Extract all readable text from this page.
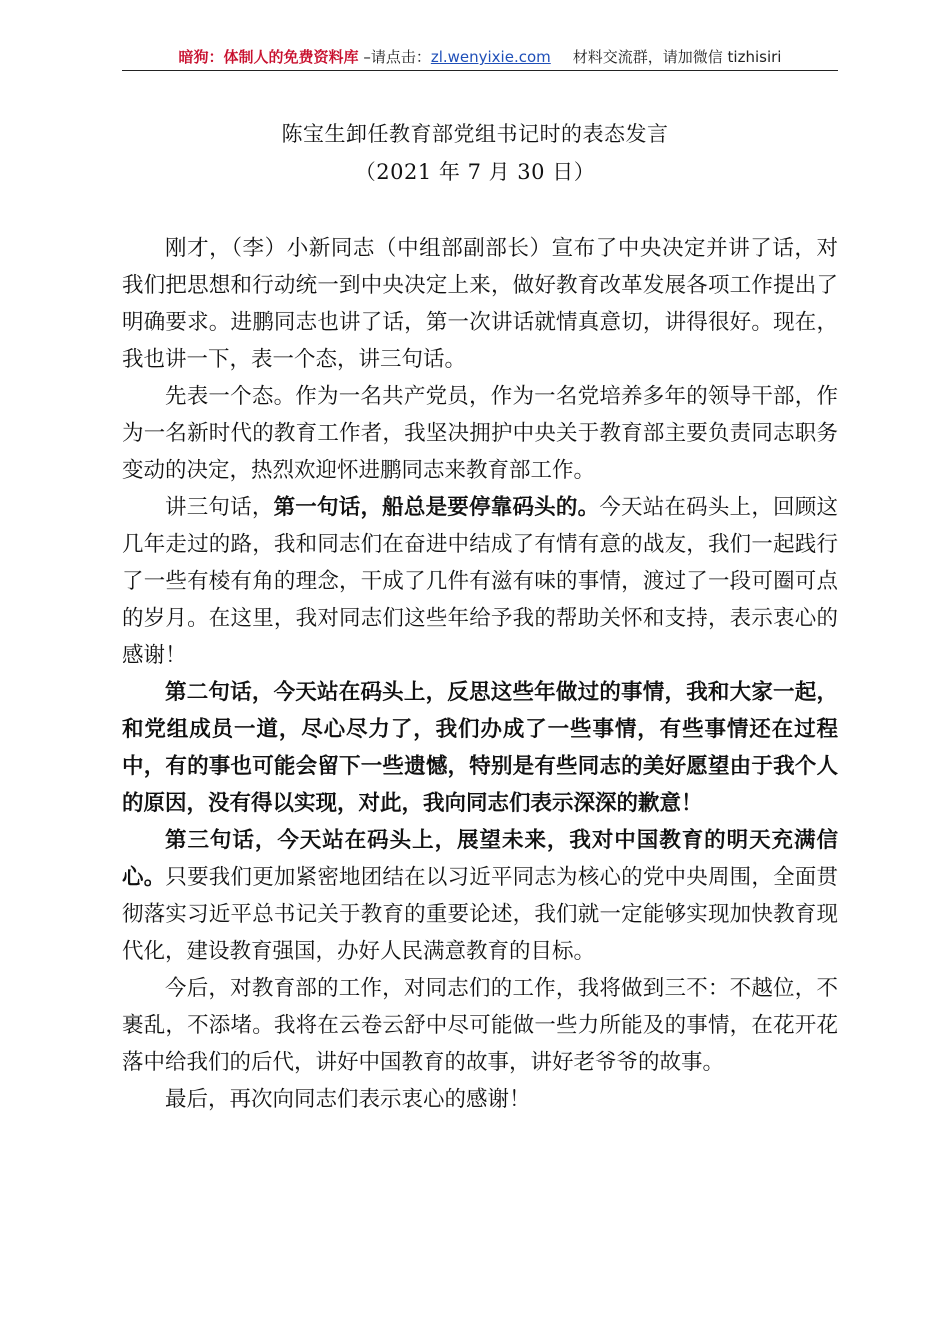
暗狗：体制人的免费资料库 –请点击：zl.wenyixie.com 材料交流群，请加微信 tizhisiri
陈宝生卸任教育部党组书记时的表态发言
（2021 年 7 月 30 日）

刚才，（李）小新同志（中组部副部长）宣布了中央决定并讲了话，对我们把思想和行动统一到中央决定上来，做好教育改革发展各项工作提出了明确要求。进鹏同志也讲了话，第一次讲话就情真意切，讲得很好。现在，我也讲一下，表一个态，讲三句话。

先表一个态。作为一名共产党员，作为一名党培养多年的领导干部，作为一名新时代的教育工作者，我坚决拥护中央关于教育部主要负责同志职务变动的决定，热烈欢迎怀进鹏同志来教育部工作。

讲三句话，第一句话，船总是要停靠码头的。今天站在码头上，回顾这几年走过的路，我和同志们在奋进中结成了有情有意的战友，我们一起践行了一些有棱有角的理念，干成了几件有滋有味的事情，渡过了一段可圈可点的岁月。在这里，我对同志们这些年给予我的帮助关怀和支持，表示衷心的感谢！

第二句话，今天站在码头上，反思这些年做过的事情，我和大家一起，和党组成员一道，尽心尽力了，我们办成了一些事情，有些事情还在过程中，有的事也可能会留下一些遗憾，特别是有些同志的美好愿望由于我个人的原因，没有得以实现，对此，我向同志们表示深深的歉意！

第三句话，今天站在码头上，展望未来，我对中国教育的明天充满信心。只要我们更加紧密地团结在以习近平同志为核心的党中央周围，全面贯彻落实习近平总书记关于教育的重要论述，我们就一定能够实现加快教育现代化，建设教育强国，办好人民满意教育的目标。

今后，对教育部的工作，对同志们的工作，我将做到三不：不越位，不裹乱，不添堵。我将在云卷云舒中尽可能做一些力所能及的事情，在花开花落中给我们的后代，讲好中国教育的故事，讲好老爷爷的故事。

最后，再次向同志们表示衷心的感谢！
